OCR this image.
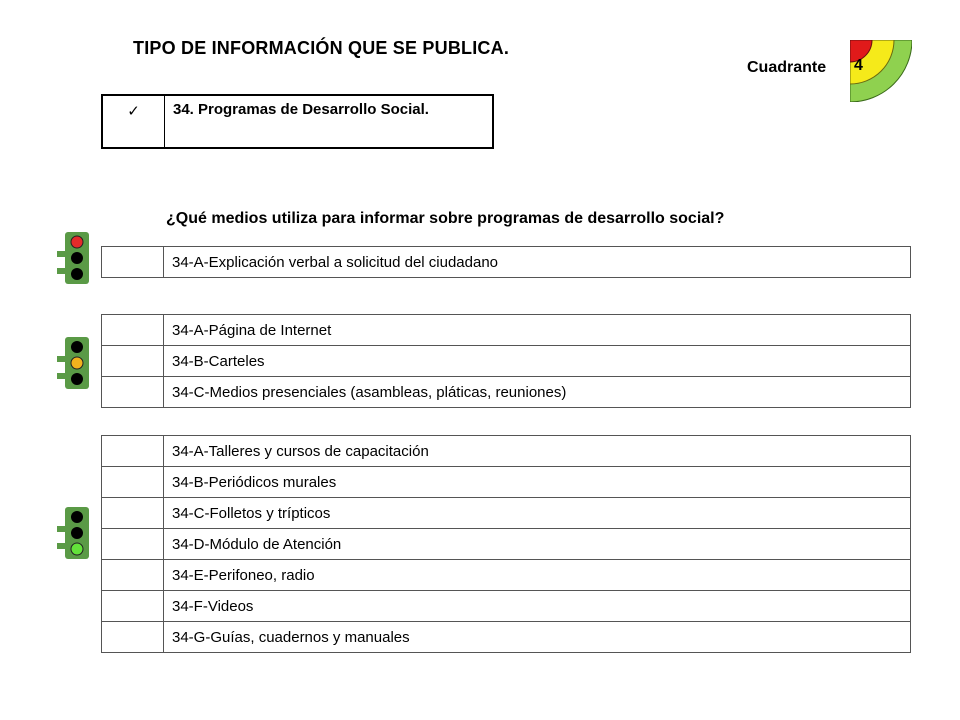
TIPO DE INFORMACIÓN QUE SE PUBLICA.
Cuadrante 4
✓	34. Programas de Desarrollo Social.
¿Qué medios utiliza para informar sobre programas de desarrollo social?
	34-A-Explicación verbal a solicitud del ciudadano
	34-A-Página de Internet
	34-B-Carteles
	34-C-Medios presenciales (asambleas, pláticas, reuniones)
	34-A-Talleres y cursos de capacitación
	34-B-Periódicos murales
	34-C-Folletos y trípticos
	34-D-Módulo de Atención
	34-E-Perifoneo, radio
	34-F-Videos
	34-G-Guías, cuadernos y manuales
